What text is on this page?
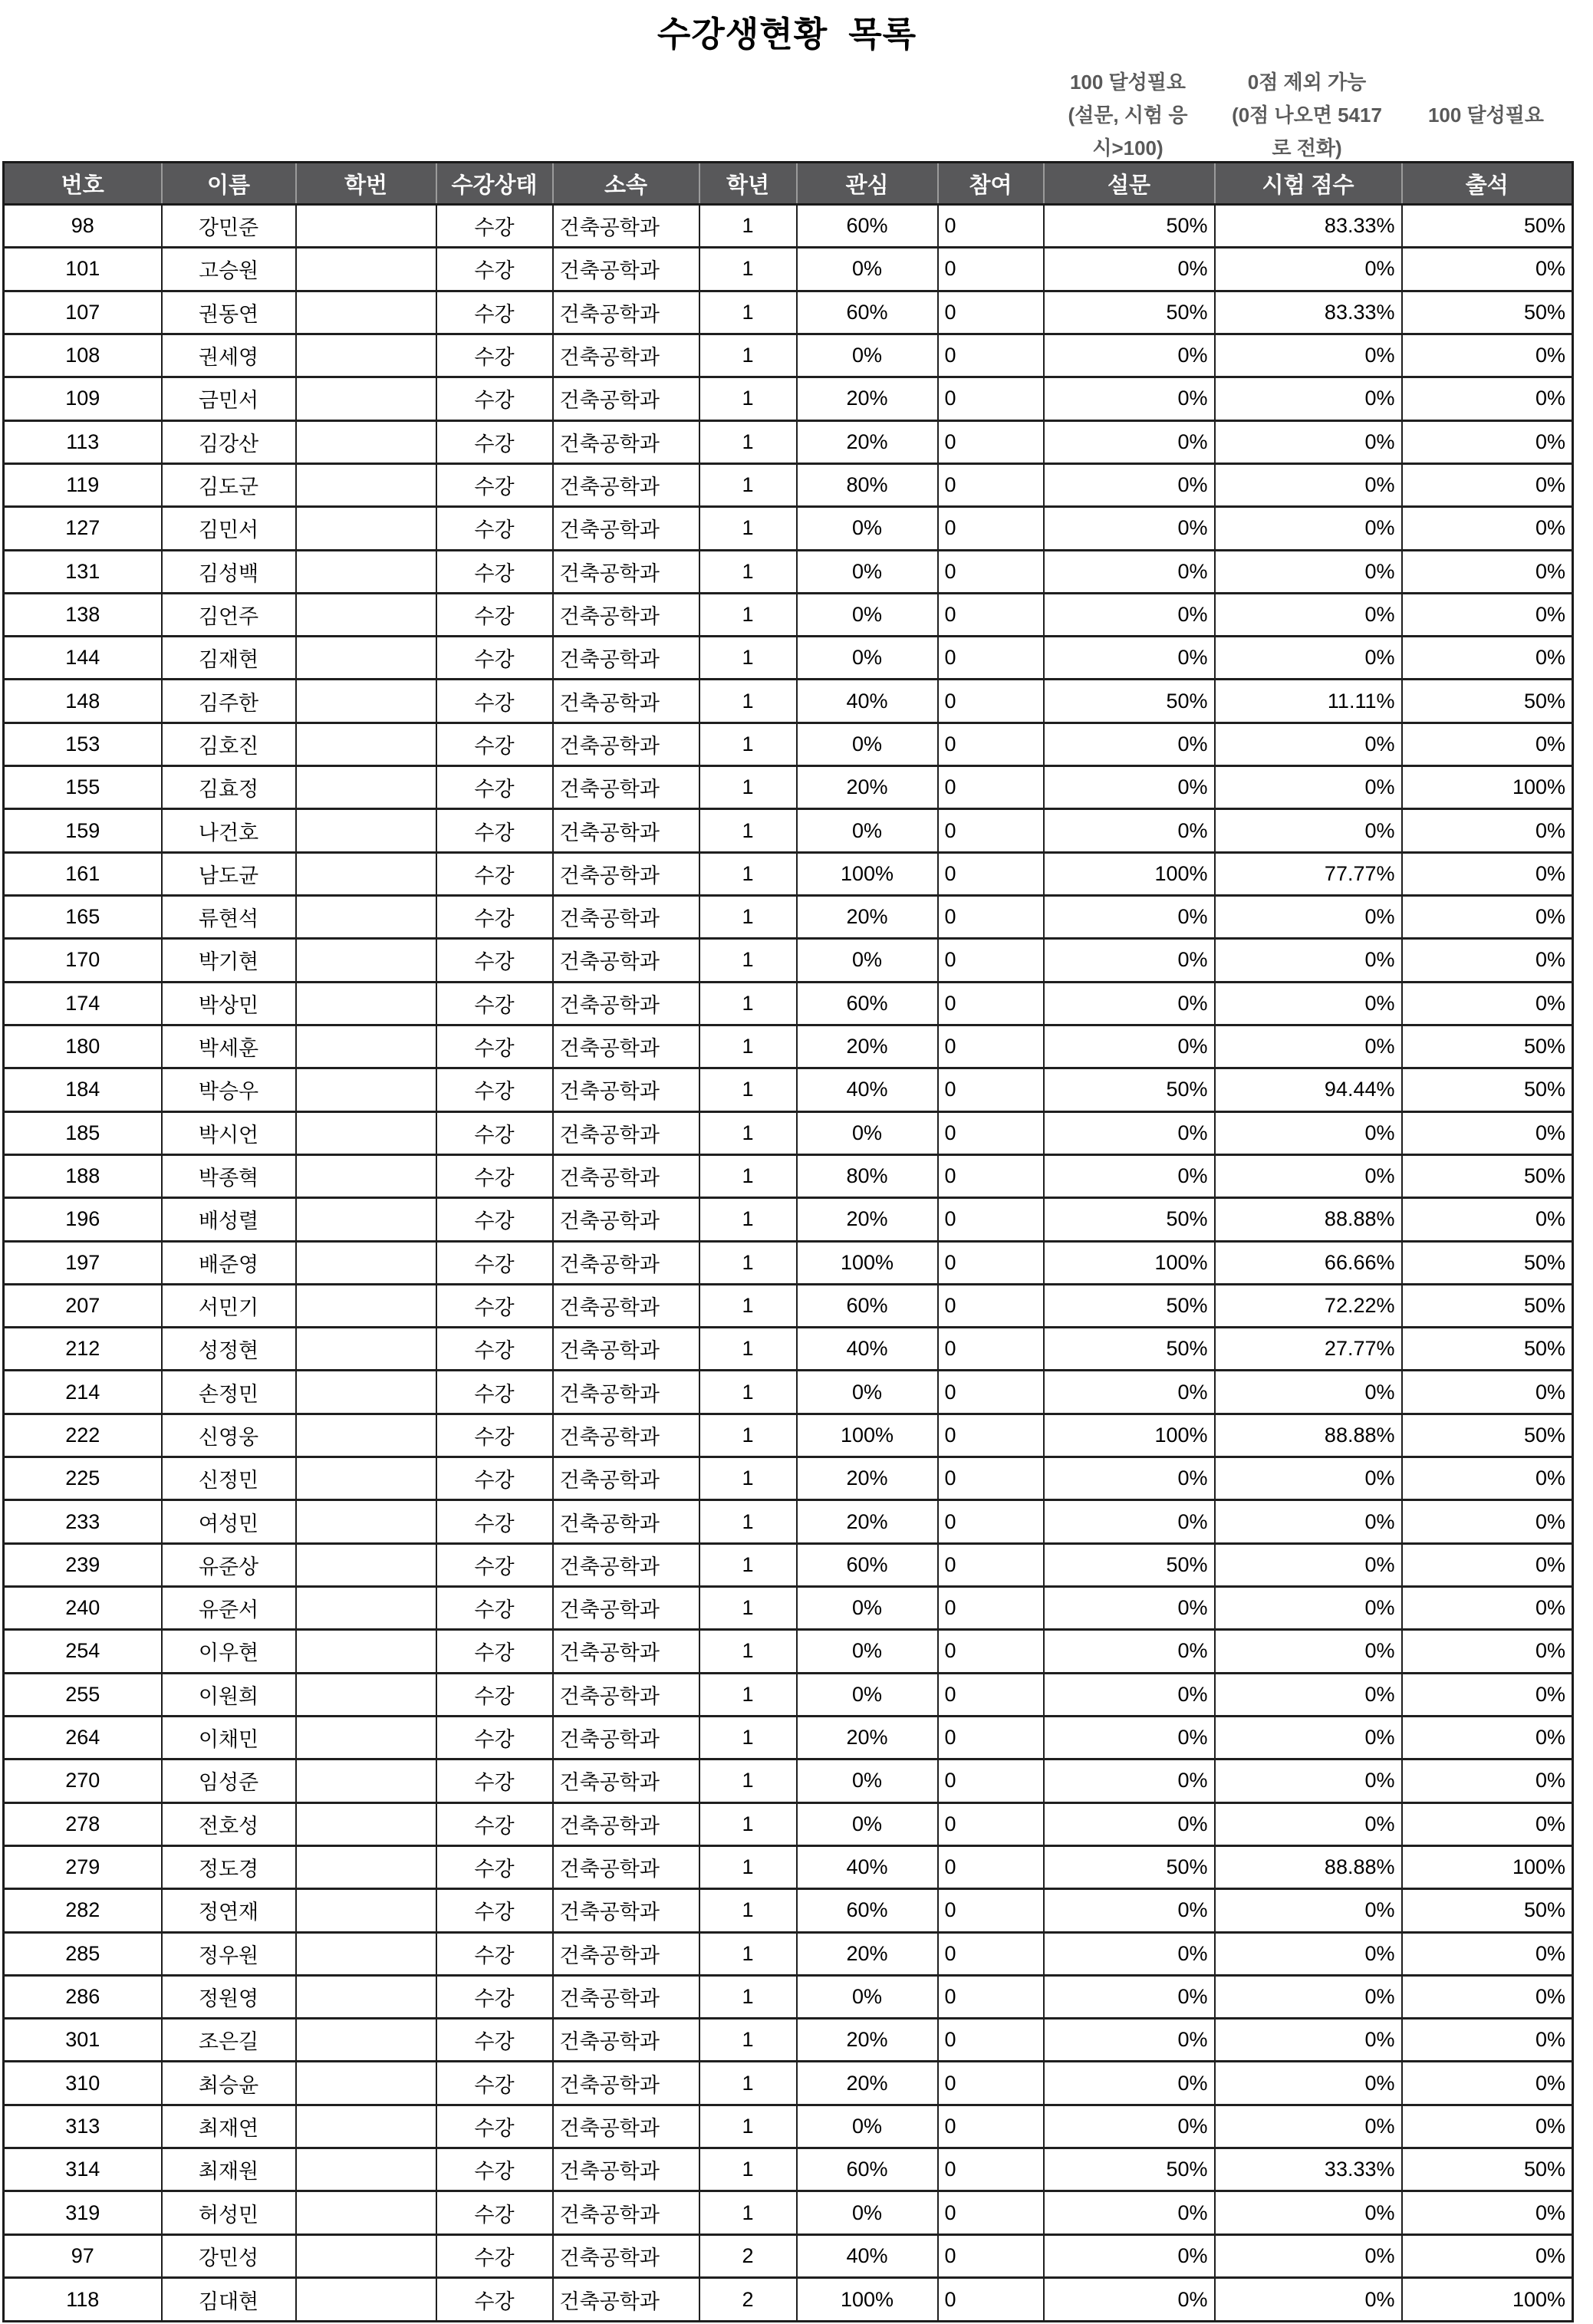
수강생현황  목록
100 달성필요
(설문, 시험 응
시>100)
0점 제외 가능
(0점 나오면 5417
로 전화)
100 달성필요
번호	이름	학번	수강상태	소속	학년	관심	참여	설문	시험 점수	출석
98	강민준		수강	건축공학과	1	60%	0	50%	83.33%	50%
101	고승원		수강	건축공학과	1	0%	0	0%	0%	0%
107	권동연		수강	건축공학과	1	60%	0	50%	83.33%	50%
108	권세영		수강	건축공학과	1	0%	0	0%	0%	0%
109	금민서		수강	건축공학과	1	20%	0	0%	0%	0%
113	김강산		수강	건축공학과	1	20%	0	0%	0%	0%
119	김도군		수강	건축공학과	1	80%	0	0%	0%	0%
127	김민서		수강	건축공학과	1	0%	0	0%	0%	0%
131	김성백		수강	건축공학과	1	0%	0	0%	0%	0%
138	김언주		수강	건축공학과	1	0%	0	0%	0%	0%
144	김재현		수강	건축공학과	1	0%	0	0%	0%	0%
148	김주한		수강	건축공학과	1	40%	0	50%	11.11%	50%
153	김호진		수강	건축공학과	1	0%	0	0%	0%	0%
155	김효정		수강	건축공학과	1	20%	0	0%	0%	100%
159	나건호		수강	건축공학과	1	0%	0	0%	0%	0%
161	남도균		수강	건축공학과	1	100%	0	100%	77.77%	0%
165	류현석		수강	건축공학과	1	20%	0	0%	0%	0%
170	박기현		수강	건축공학과	1	0%	0	0%	0%	0%
174	박상민		수강	건축공학과	1	60%	0	0%	0%	0%
180	박세훈		수강	건축공학과	1	20%	0	0%	0%	50%
184	박승우		수강	건축공학과	1	40%	0	50%	94.44%	50%
185	박시언		수강	건축공학과	1	0%	0	0%	0%	0%
188	박종혁		수강	건축공학과	1	80%	0	0%	0%	50%
196	배성렬		수강	건축공학과	1	20%	0	50%	88.88%	0%
197	배준영		수강	건축공학과	1	100%	0	100%	66.66%	50%
207	서민기		수강	건축공학과	1	60%	0	50%	72.22%	50%
212	성정현		수강	건축공학과	1	40%	0	50%	27.77%	50%
214	손정민		수강	건축공학과	1	0%	0	0%	0%	0%
222	신영웅		수강	건축공학과	1	100%	0	100%	88.88%	50%
225	신정민		수강	건축공학과	1	20%	0	0%	0%	0%
233	여성민		수강	건축공학과	1	20%	0	0%	0%	0%
239	유준상		수강	건축공학과	1	60%	0	50%	0%	0%
240	유준서		수강	건축공학과	1	0%	0	0%	0%	0%
254	이우현		수강	건축공학과	1	0%	0	0%	0%	0%
255	이원희		수강	건축공학과	1	0%	0	0%	0%	0%
264	이채민		수강	건축공학과	1	20%	0	0%	0%	0%
270	임성준		수강	건축공학과	1	0%	0	0%	0%	0%
278	전호성		수강	건축공학과	1	0%	0	0%	0%	0%
279	정도경		수강	건축공학과	1	40%	0	50%	88.88%	100%
282	정연재		수강	건축공학과	1	60%	0	0%	0%	50%
285	정우원		수강	건축공학과	1	20%	0	0%	0%	0%
286	정원영		수강	건축공학과	1	0%	0	0%	0%	0%
301	조은길		수강	건축공학과	1	20%	0	0%	0%	0%
310	최승윤		수강	건축공학과	1	20%	0	0%	0%	0%
313	최재연		수강	건축공학과	1	0%	0	0%	0%	0%
314	최재원		수강	건축공학과	1	60%	0	50%	33.33%	50%
319	허성민		수강	건축공학과	1	0%	0	0%	0%	0%
97	강민성		수강	건축공학과	2	40%	0	0%	0%	0%
118	김대현		수강	건축공학과	2	100%	0	0%	0%	100%
